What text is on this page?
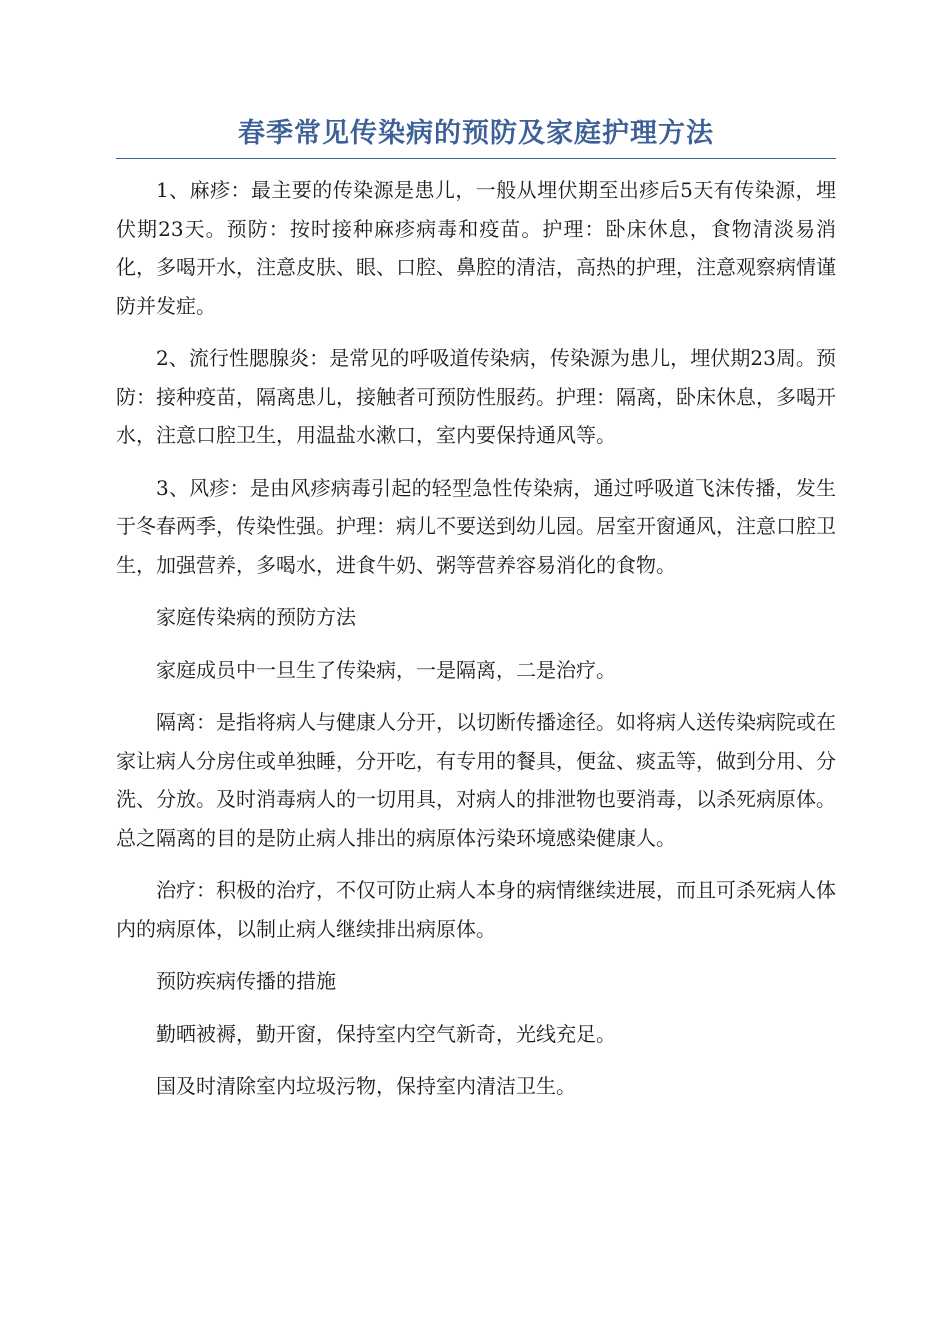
春季常见传染病的预防及家庭护理方法

1、麻疹：最主要的传染源是患儿，一般从埋伏期至出疹后5天有传染源，埋伏期23天。预防：按时接种麻疹病毒和疫苗。护理：卧床休息，食物清淡易消化，多喝开水，注意皮肤、眼、口腔、鼻腔的清洁，高热的护理，注意观察病情谨防并发症。

2、流行性腮腺炎：是常见的呼吸道传染病，传染源为患儿，埋伏期23周。预防：接种疫苗，隔离患儿，接触者可预防性服药。护理：隔离，卧床休息，多喝开水，注意口腔卫生，用温盐水漱口，室内要保持通风等。

3、风疹：是由风疹病毒引起的轻型急性传染病，通过呼吸道飞沫传播，发生于冬春两季，传染性强。护理：病儿不要送到幼儿园。居室开窗通风，注意口腔卫生，加强营养，多喝水，进食牛奶、粥等营养容易消化的食物。

家庭传染病的预防方法

家庭成员中一旦生了传染病，一是隔离，二是治疗。

隔离：是指将病人与健康人分开，以切断传播途径。如将病人送传染病院或在家让病人分房住或单独睡，分开吃，有专用的餐具，便盆、痰盂等，做到分用、分洗、分放。及时消毒病人的一切用具，对病人的排泄物也要消毒，以杀死病原体。总之隔离的目的是防止病人排出的病原体污染环境感染健康人。

治疗：积极的治疗，不仅可防止病人本身的病情继续进展，而且可杀死病人体内的病原体，以制止病人继续排出病原体。

预防疾病传播的措施

勤晒被褥，勤开窗，保持室内空气新奇，光线充足。

国及时清除室内垃圾污物，保持室内清洁卫生。
